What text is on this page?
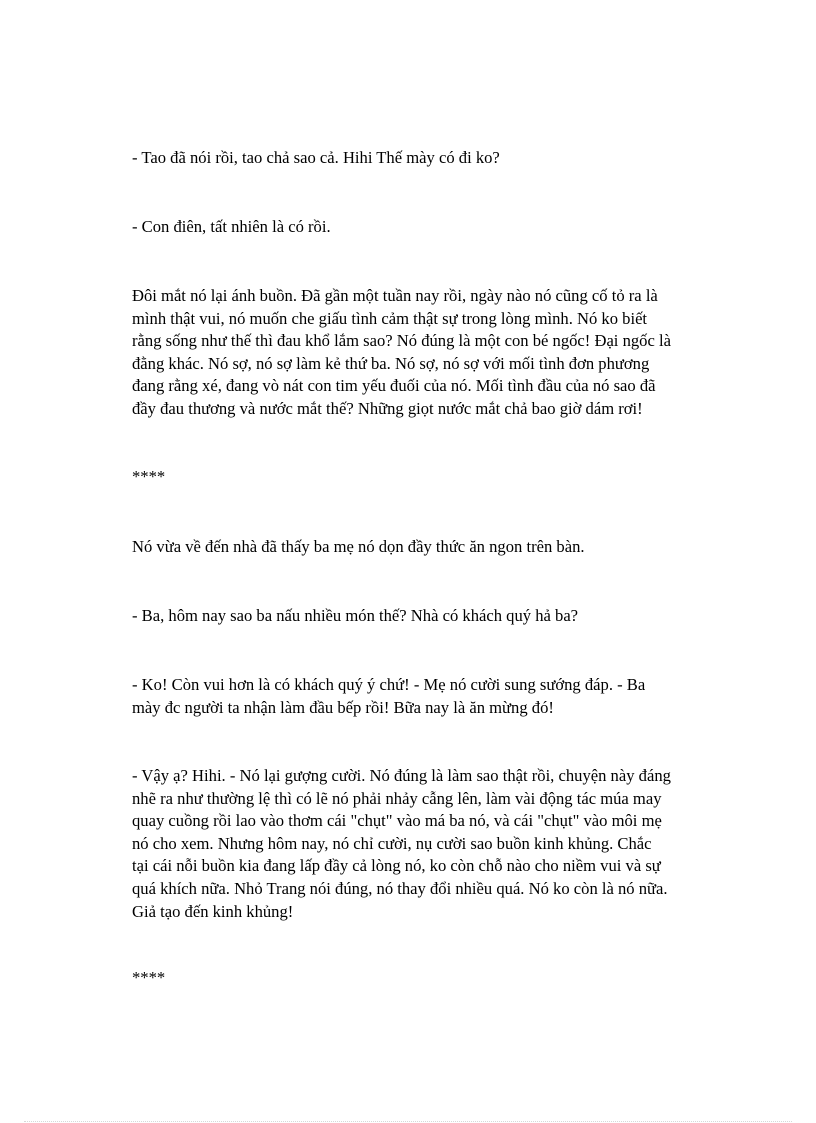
- Tao đã nói rồi, tao chả sao cả. Hihi Thế mày có đi ko?

- Con điên, tất nhiên là có rồi.

Đôi mắt nó lại ánh buồn. Đã gần một tuần nay rồi, ngày nào nó cũng cố tỏ ra là
mình thật vui, nó muốn che giấu tình cảm thật sự trong lòng mình. Nó ko biết
rằng sống như thế thì đau khổ lắm sao? Nó đúng là một con bé ngốc! Đại ngốc là
đằng khác. Nó sợ, nó sợ làm kẻ thứ ba. Nó sợ, nó sợ với mối tình đơn phương
đang rằng xé, đang vò nát con tim yếu đuối của nó. Mối tình đầu của nó sao đã
đầy đau thương và nước mắt thế? Những giọt nước mắt chả bao giờ dám rơi!

****

Nó vừa về đến nhà đã thấy ba mẹ nó dọn đầy thức ăn ngon trên bàn.

- Ba, hôm nay sao ba nấu nhiều món thế? Nhà có khách quý hả ba?

- Ko! Còn vui hơn là có khách quý ý chứ! - Mẹ nó cười sung sướng đáp. - Ba
mày đc người ta nhận làm đầu bếp rồi! Bữa nay là ăn mừng đó!

- Vậy ạ? Hihi. - Nó lại gượng cười. Nó đúng là làm sao thật rồi, chuyện này đáng
nhẽ ra như thường lệ thì có lẽ nó phải nhảy cẫng lên, làm vài động tác múa may
quay cuồng rồi lao vào thơm cái "chụt" vào má ba nó, và cái "chụt" vào môi mẹ
nó cho xem. Nhưng hôm nay, nó chỉ cười, nụ cười sao buồn kinh khủng. Chắc
tại cái nỗi buồn kia đang lấp đầy cả lòng nó, ko còn chỗ nào cho niềm vui và sự
quá khích nữa. Nhỏ Trang nói đúng, nó thay đổi nhiều quá. Nó ko còn là nó nữa.
Giả tạo đến kinh khủng!

****
